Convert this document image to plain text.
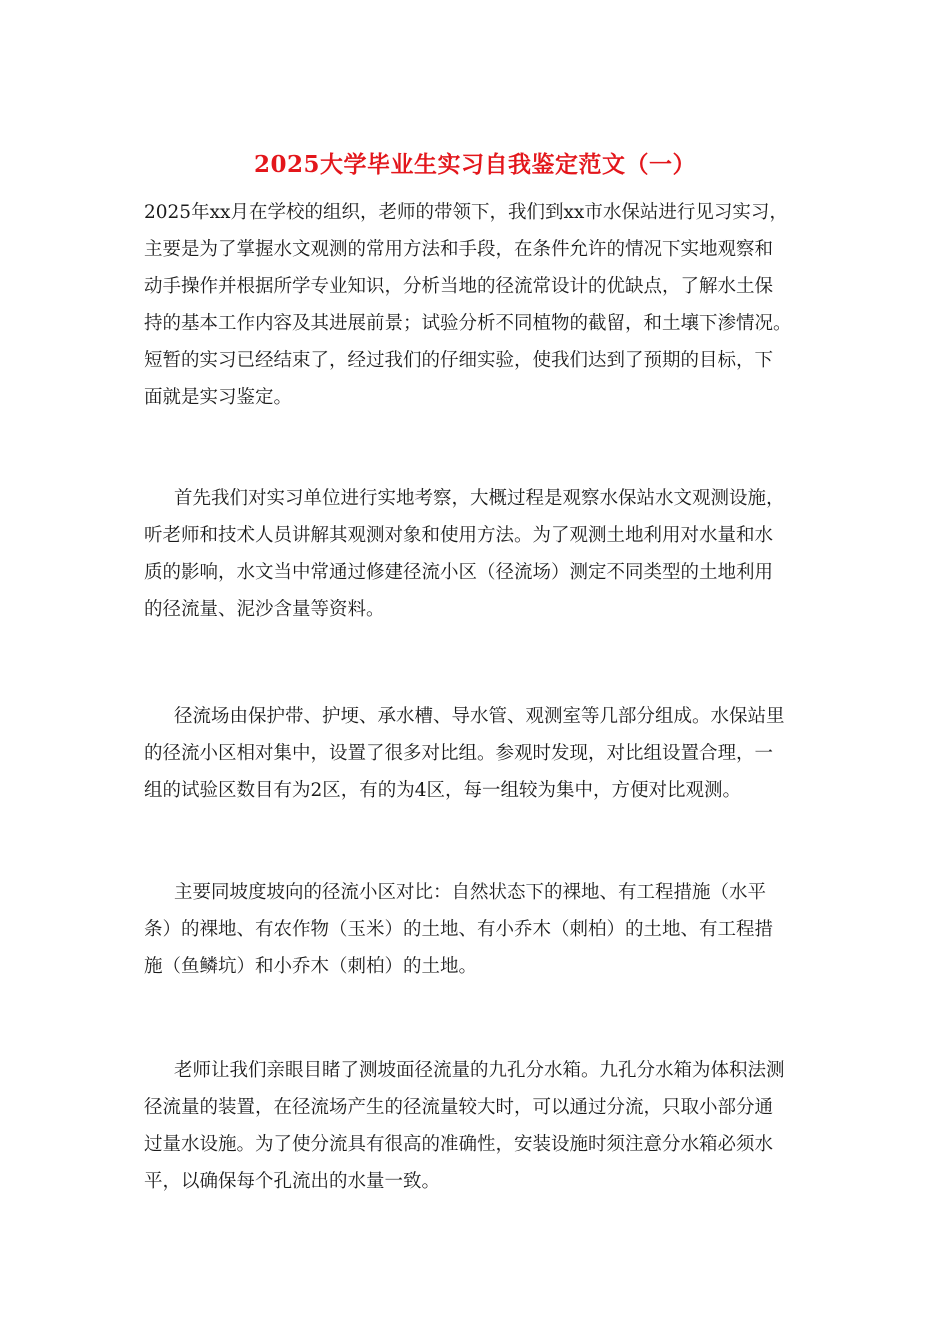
2025大学毕业生实习自我鉴定范文（一）

2025年xx月在学校的组织，老师的带领下，我们到xx市水保站进行见习实习，
主要是为了掌握水文观测的常用方法和手段，在条件允许的情况下实地观察和
动手操作并根据所学专业知识，分析当地的径流常设计的优缺点，了解水土保
持的基本工作内容及其进展前景；试验分析不同植物的截留，和土壤下渗情况。
短暂的实习已经结束了，经过我们的仔细实验，使我们达到了预期的目标，下
面就是实习鉴定。

首先我们对实习单位进行实地考察，大概过程是观察水保站水文观测设施，
听老师和技术人员讲解其观测对象和使用方法。为了观测土地利用对水量和水
质的影响，水文当中常通过修建径流小区（径流场）测定不同类型的土地利用
的径流量、泥沙含量等资料。

径流场由保护带、护埂、承水槽、导水管、观测室等几部分组成。水保站里
的径流小区相对集中，设置了很多对比组。参观时发现，对比组设置合理，一
组的试验区数目有为2区，有的为4区，每一组较为集中，方便对比观测。

主要同坡度坡向的径流小区对比：自然状态下的裸地、有工程措施（水平
条）的裸地、有农作物（玉米）的土地、有小乔木（刺柏）的土地、有工程措
施（鱼鳞坑）和小乔木（刺柏）的土地。

老师让我们亲眼目睹了测坡面径流量的九孔分水箱。九孔分水箱为体积法测
径流量的装置，在径流场产生的径流量较大时，可以通过分流，只取小部分通
过量水设施。为了使分流具有很高的准确性，安装设施时须注意分水箱必须水
平，以确保每个孔流出的水量一致。
